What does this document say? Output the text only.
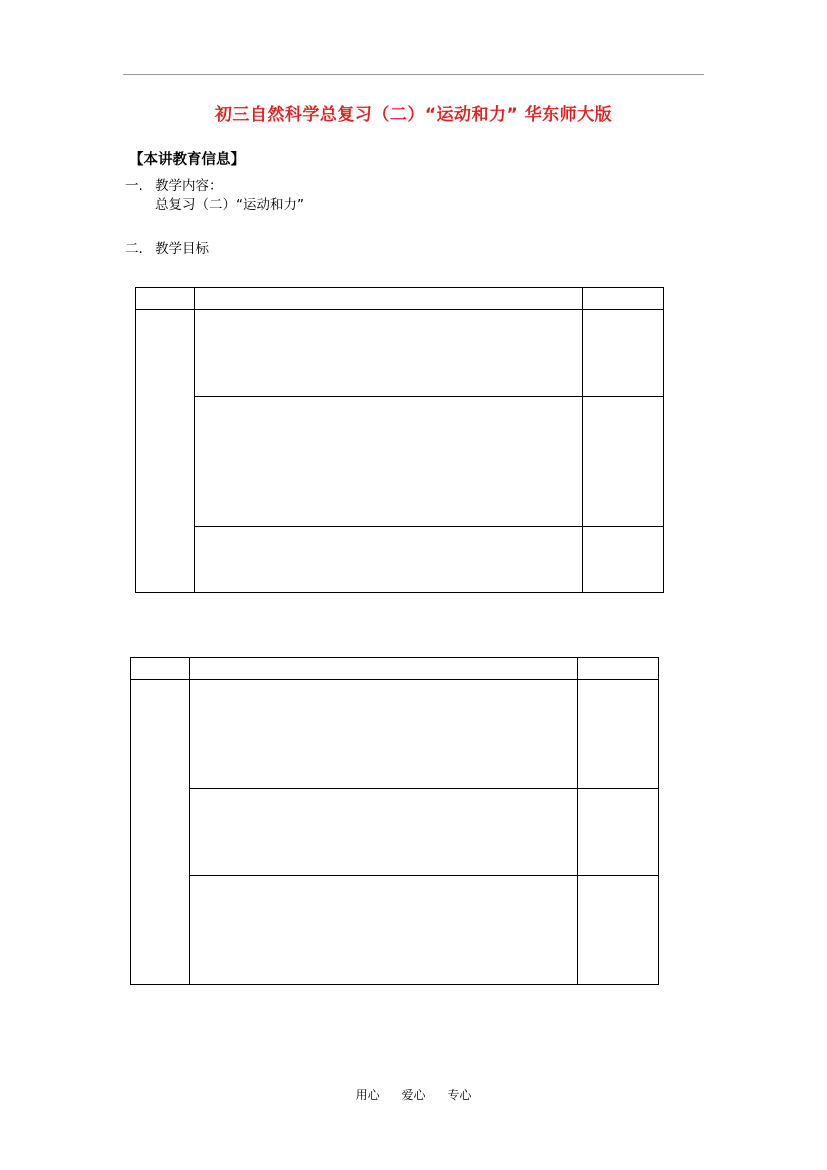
初三自然科学总复习（二）“运动和力” 华东师大版
【本讲教育信息】
一. 教学内容：
总复习（二）“运动和力”
二. 教学目标

用心 爱心 专心
